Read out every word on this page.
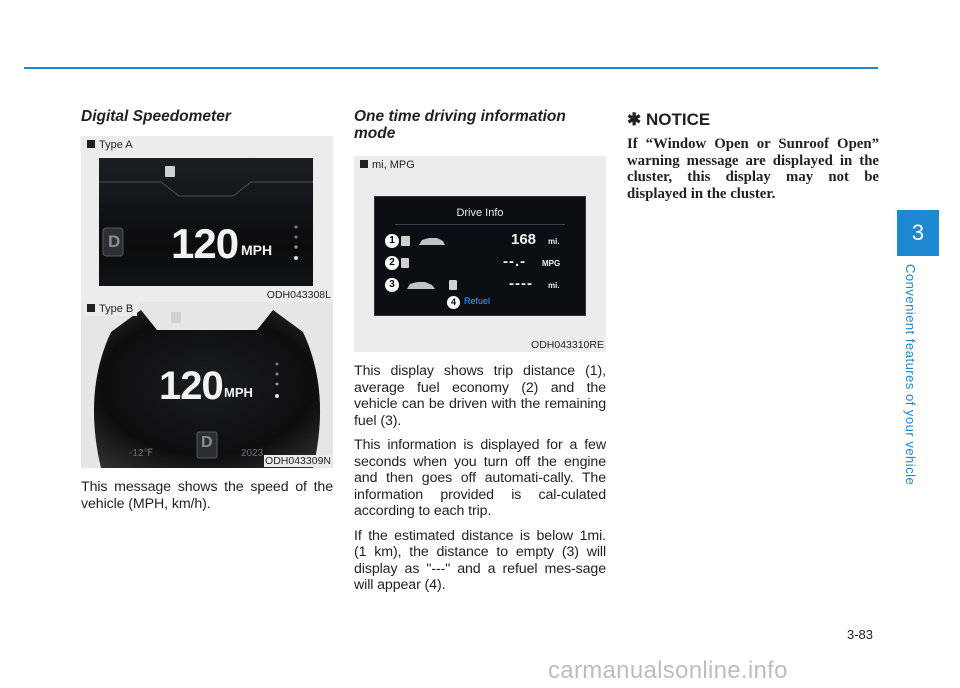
Digital Speedometer
Type A
D 120 MPH
ODH043308L
D
120 MPH
-12℉	2023
Type B
ODH043309N

This message shows the speed of the vehicle (MPH, km/h).

One time driving information mode
mi, MPG
Drive Info
1	168 mi.
2	--.- MPG
3	---- mi.
4 Refuel
ODH043310RE

This display shows trip distance (1), average fuel economy (2) and the vehicle can be driven with the remaining fuel (3).

This information is displayed for a few seconds when you turn off the engine and then goes off automati-cally. The information provided is cal-culated according to each trip.

If the estimated distance is below 1mi. (1 km), the distance to empty (3) will display as "---" and a refuel mes-sage will appear (4).

✱ NOTICE
If “Window Open or Sunroof Open” warning message are displayed in the cluster, this display may not be displayed in the cluster.
3
Convenient features of your vehicle
3-83
carmanualsonline.info
